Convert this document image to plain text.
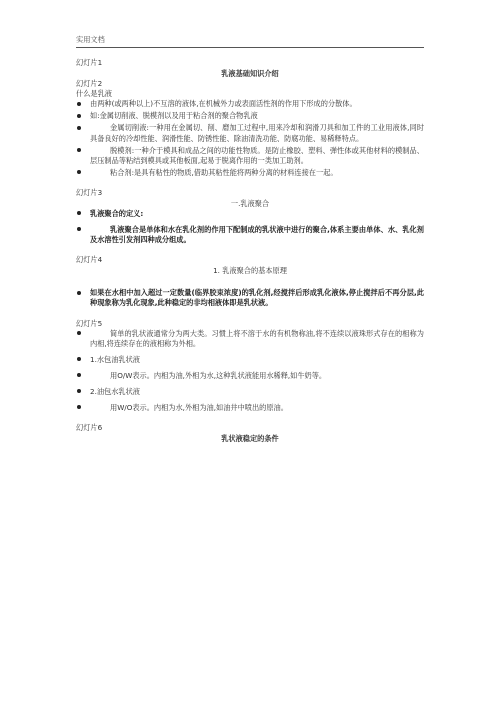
实用文档

幻灯片1

乳液基础知识介绍

幻灯片2

什么是乳液

由两种(或两种以上)不互溶的液体,在机械外力或表面活性剂的作用下形成的分散体。
如:金属切削液、脱模剂以及用于粘合剂的聚合物乳液
金属切削液:一种用在金属切、削、磨加工过程中,用来冷却和润滑刀具和加工件的工业用液体,同时具备良好的冷却性能、润滑性能、防锈性能、除油清洗功能、防腐功能、易稀释特点。
脱模剂:一种介于模具和成品之间的功能性物质。是防止橡胶、塑料、弹性体或其他材料的模制品、层压制品等粘结到模具或其他板面,起易于脱离作用的一类加工助剂。
粘合剂:是具有粘性的物质,借助其粘性能将两种分离的材料连接在一起。

幻灯片3

一.乳液聚合

乳液聚合的定义:
乳液聚合是单体和水在乳化剂的作用下配制成的乳状液中进行的聚合,体系主要由单体、水、乳化剂及水溶性引发剂四种成分组成。

幻灯片4

1. 乳液聚合的基本原理

如果在水相中加入超过一定数量(临界胶束浓度)的乳化剂,经搅拌后形成乳化液体,停止搅拌后不再分层,此种现象称为乳化现象,此种稳定的非均相液体即是乳状液。

幻灯片5

简单的乳状液通常分为两大类。习惯上将不溶于水的有机物称油,将不连续以液珠形式存在的相称为内相,将连续存在的液相称为外相。
1.水包油乳状液
用O/W表示。内相为油,外相为水,这种乳状液能用水稀释,如牛奶等。
2.油包水乳状液
用W/O表示。内相为水,外相为油,如油井中喷出的原油。

幻灯片6

乳状液稳定的条件
